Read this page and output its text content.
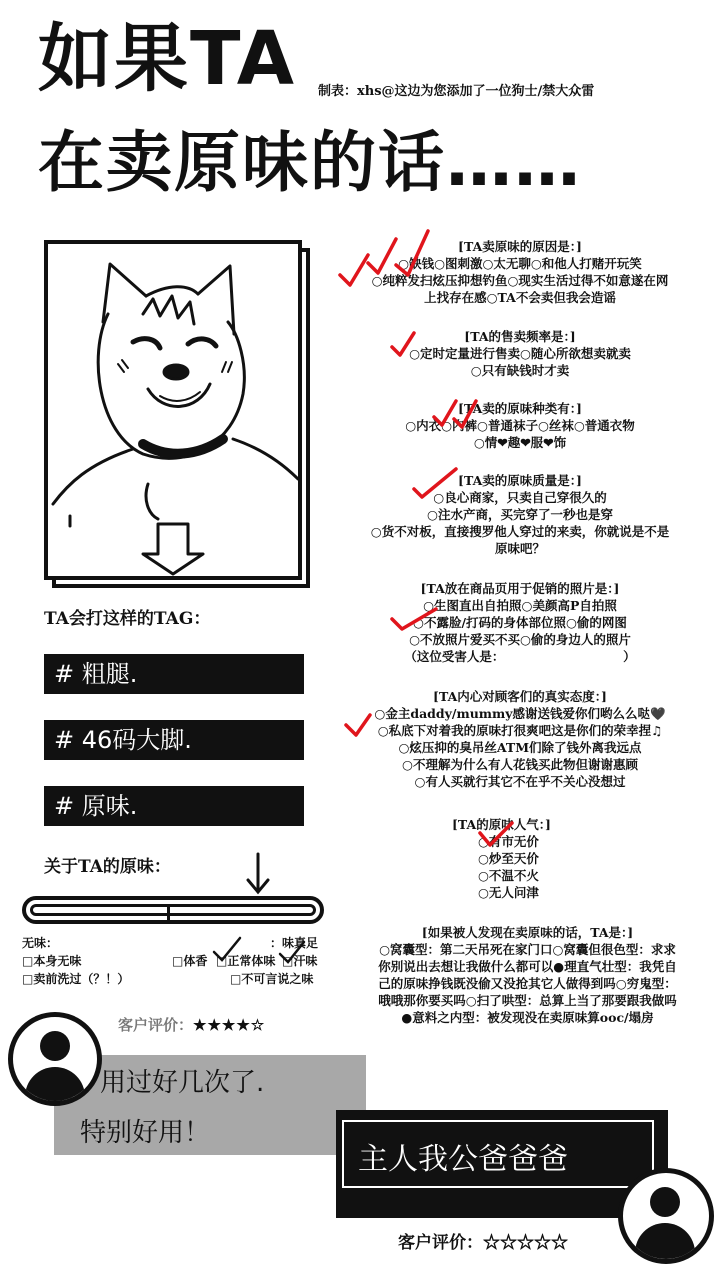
如果TA 制表：xhs@这边为您添加了一位狗士/禁大众雷
在卖原味的话……
[TA卖原味的原因是：]
○缺钱○图刺激○太无聊○和他人打赌开玩笑
○纯粹发扫炫压抑想钓鱼○现实生活过得不如意遂在网
上找存在感○TA不会卖但我会造谣
[TA的售卖频率是：]
○定时定量进行售卖○随心所欲想卖就卖
○只有缺钱时才卖
[TA卖的原味种类有：]
○内衣○内裤○普通袜子○丝袜○普通衣物
○情❤趣❤服❤饰
[TA卖的原味质量是：]
○良心商家，只卖自己穿很久的
○注水产商，买完穿了一秒也是穿
○货不对板，直接搜罗他人穿过的来卖，你就说是不是
原味吧？
[TA放在商品页用于促销的照片是：]
○生图直出自拍照○美颜高P自拍照
○不露脸/打码的身体部位照○偷的网图
○不放照片爱买不买○偷的身边人的照片
（这位受害人是：　　　　　　　　　　）
[TA内心对顾客们的真实态度：]
○金主daddy/mummy感谢送钱爱你们哟么么哒🖤
○私底下对着我的原味打很爽吧这是你们的荣幸捏♫
○炫压抑的臭吊丝ATM们除了钱外离我远点
○不理解为什么有人花钱买此物但谢谢惠顾
○有人买就行其它不在乎不关心没想过
[TA的原味人气：]
○有市无价
○炒至天价
○不温不火
○无人问津
[如果被人发现在卖原味的话，TA是：]
○窝囊型：第二天吊死在家门口○窝囊但很色型：求求
你别说出去想让我做什么都可以●理直气壮型：我凭自
己的原味挣钱既没偷又没抢其它人做得到吗○穷鬼型：
哦哦那你要买吗○扫了哄型：总算上当了那要跟我做吗
●意料之内型：被发现没在卖原味算ooc/塌房
TA会打这样的TAG：
# 粗腿.
# 46码大脚.
# 原味.
关于TA的原味：
无味：	：味真足
□本身无味
□卖前洗过（？！）
□体香 □正常体味 □汗味
□不可言说之味
客户评价：★★★★☆
用过好几次了.
特别好用！
主人我公爸爸爸
客户评价：☆☆☆☆☆
